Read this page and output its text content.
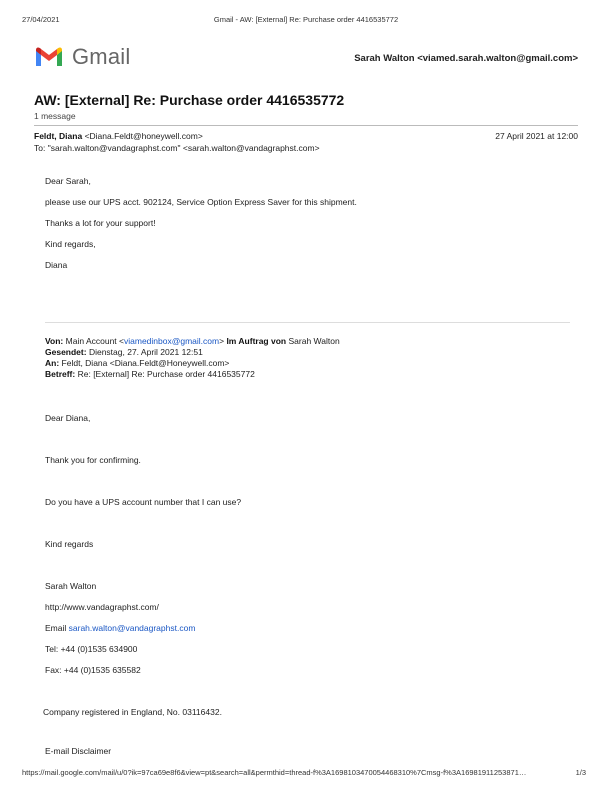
27/04/2021	Gmail - AW: [External] Re: Purchase order 4416535772
Gmail	Sarah Walton <viamed.sarah.walton@gmail.com>
AW: [External] Re: Purchase order 4416535772
1 message
Feldt, Diana <Diana.Feldt@honeywell.com>	27 April 2021 at 12:00
To: "sarah.walton@vandagraphst.com" <sarah.walton@vandagraphst.com>
Dear Sarah,
please use our UPS acct. 902124, Service Option Express Saver for this shipment.
Thanks a lot for your support!
Kind regards,
Diana
Von: Main Account <viamedinbox@gmail.com> Im Auftrag von Sarah Walton
Gesendet: Dienstag, 27. April 2021 12:51
An: Feldt, Diana <Diana.Feldt@Honeywell.com>
Betreff: Re: [External] Re: Purchase order 4416535772
Dear Diana,
Thank you for confirming.
Do you have a UPS account number that I can use?
Kind regards
Sarah Walton
http://www.vandagraphst.com/
Email sarah.walton@vandagraphst.com
Tel: +44 (0)1535 634900
Fax: +44 (0)1535 635582
Company registered in England, No. 03116432.
E-mail Disclaimer
https://mail.google.com/mail/u/0?ik=97ca69e8f6&view=pt&search=all&permthid=thread-f%3A1698103470054468310%7Cmsg-f%3A16981911253871…	1/3
